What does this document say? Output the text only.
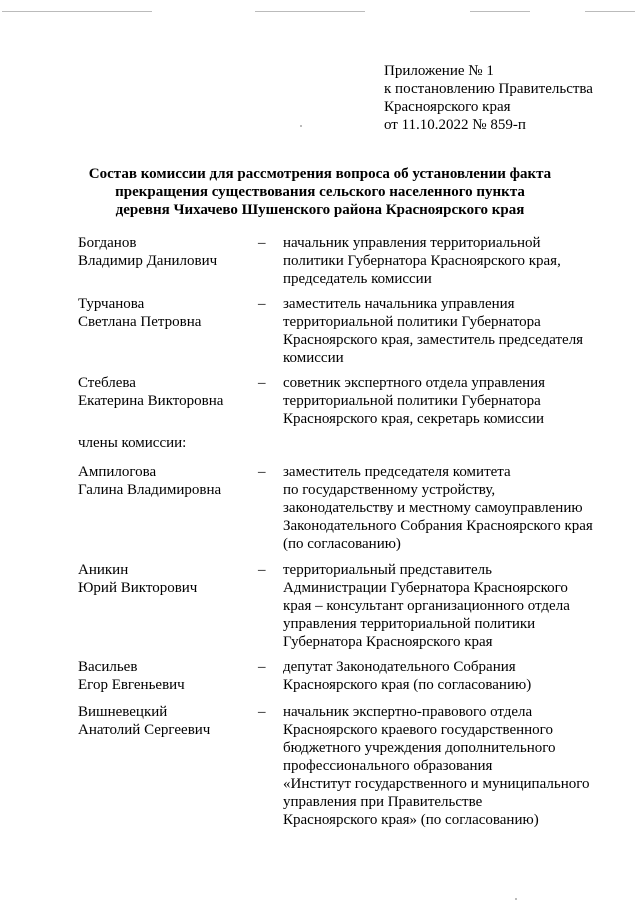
Приложение № 1
к постановлению Правительства
Красноярского края
от 11.10.2022 № 859-п
Состав комиссии для рассмотрения вопроса об установлении факта
прекращения существования сельского населенного пункта
деревня Чихачево Шушенского района Красноярского края
Богданов
Владимир Данилович
– начальник управления территориальной
политики Губернатора Красноярского края,
председатель комиссии
Турчанова
Светлана Петровна
– заместитель начальника управления
территориальной политики Губернатора
Красноярского края, заместитель председателя
комиссии
Стеблева
Екатерина Викторовна
– советник экспертного отдела управления
территориальной политики Губернатора
Красноярского края, секретарь комиссии
члены комиссии:
Ампилогова
Галина Владимировна
– заместитель председателя комитета
по государственному устройству,
законодательству и местному самоуправлению
Законодательного Собрания Красноярского края
(по согласованию)
Аникин
Юрий Викторович
– территориальный представитель
Администрации Губернатора Красноярского
края – консультант организационного отдела
управления территориальной политики
Губернатора Красноярского края
Васильев
Егор Евгеньевич
– депутат Законодательного Собрания
Красноярского края (по согласованию)
Вишневецкий
Анатолий Сергеевич
– начальник экспертно-правового отдела
Красноярского краевого государственного
бюджетного учреждения дополнительного
профессионального образования
«Институт государственного и муниципального
управления при Правительстве
Красноярского края» (по согласованию)
